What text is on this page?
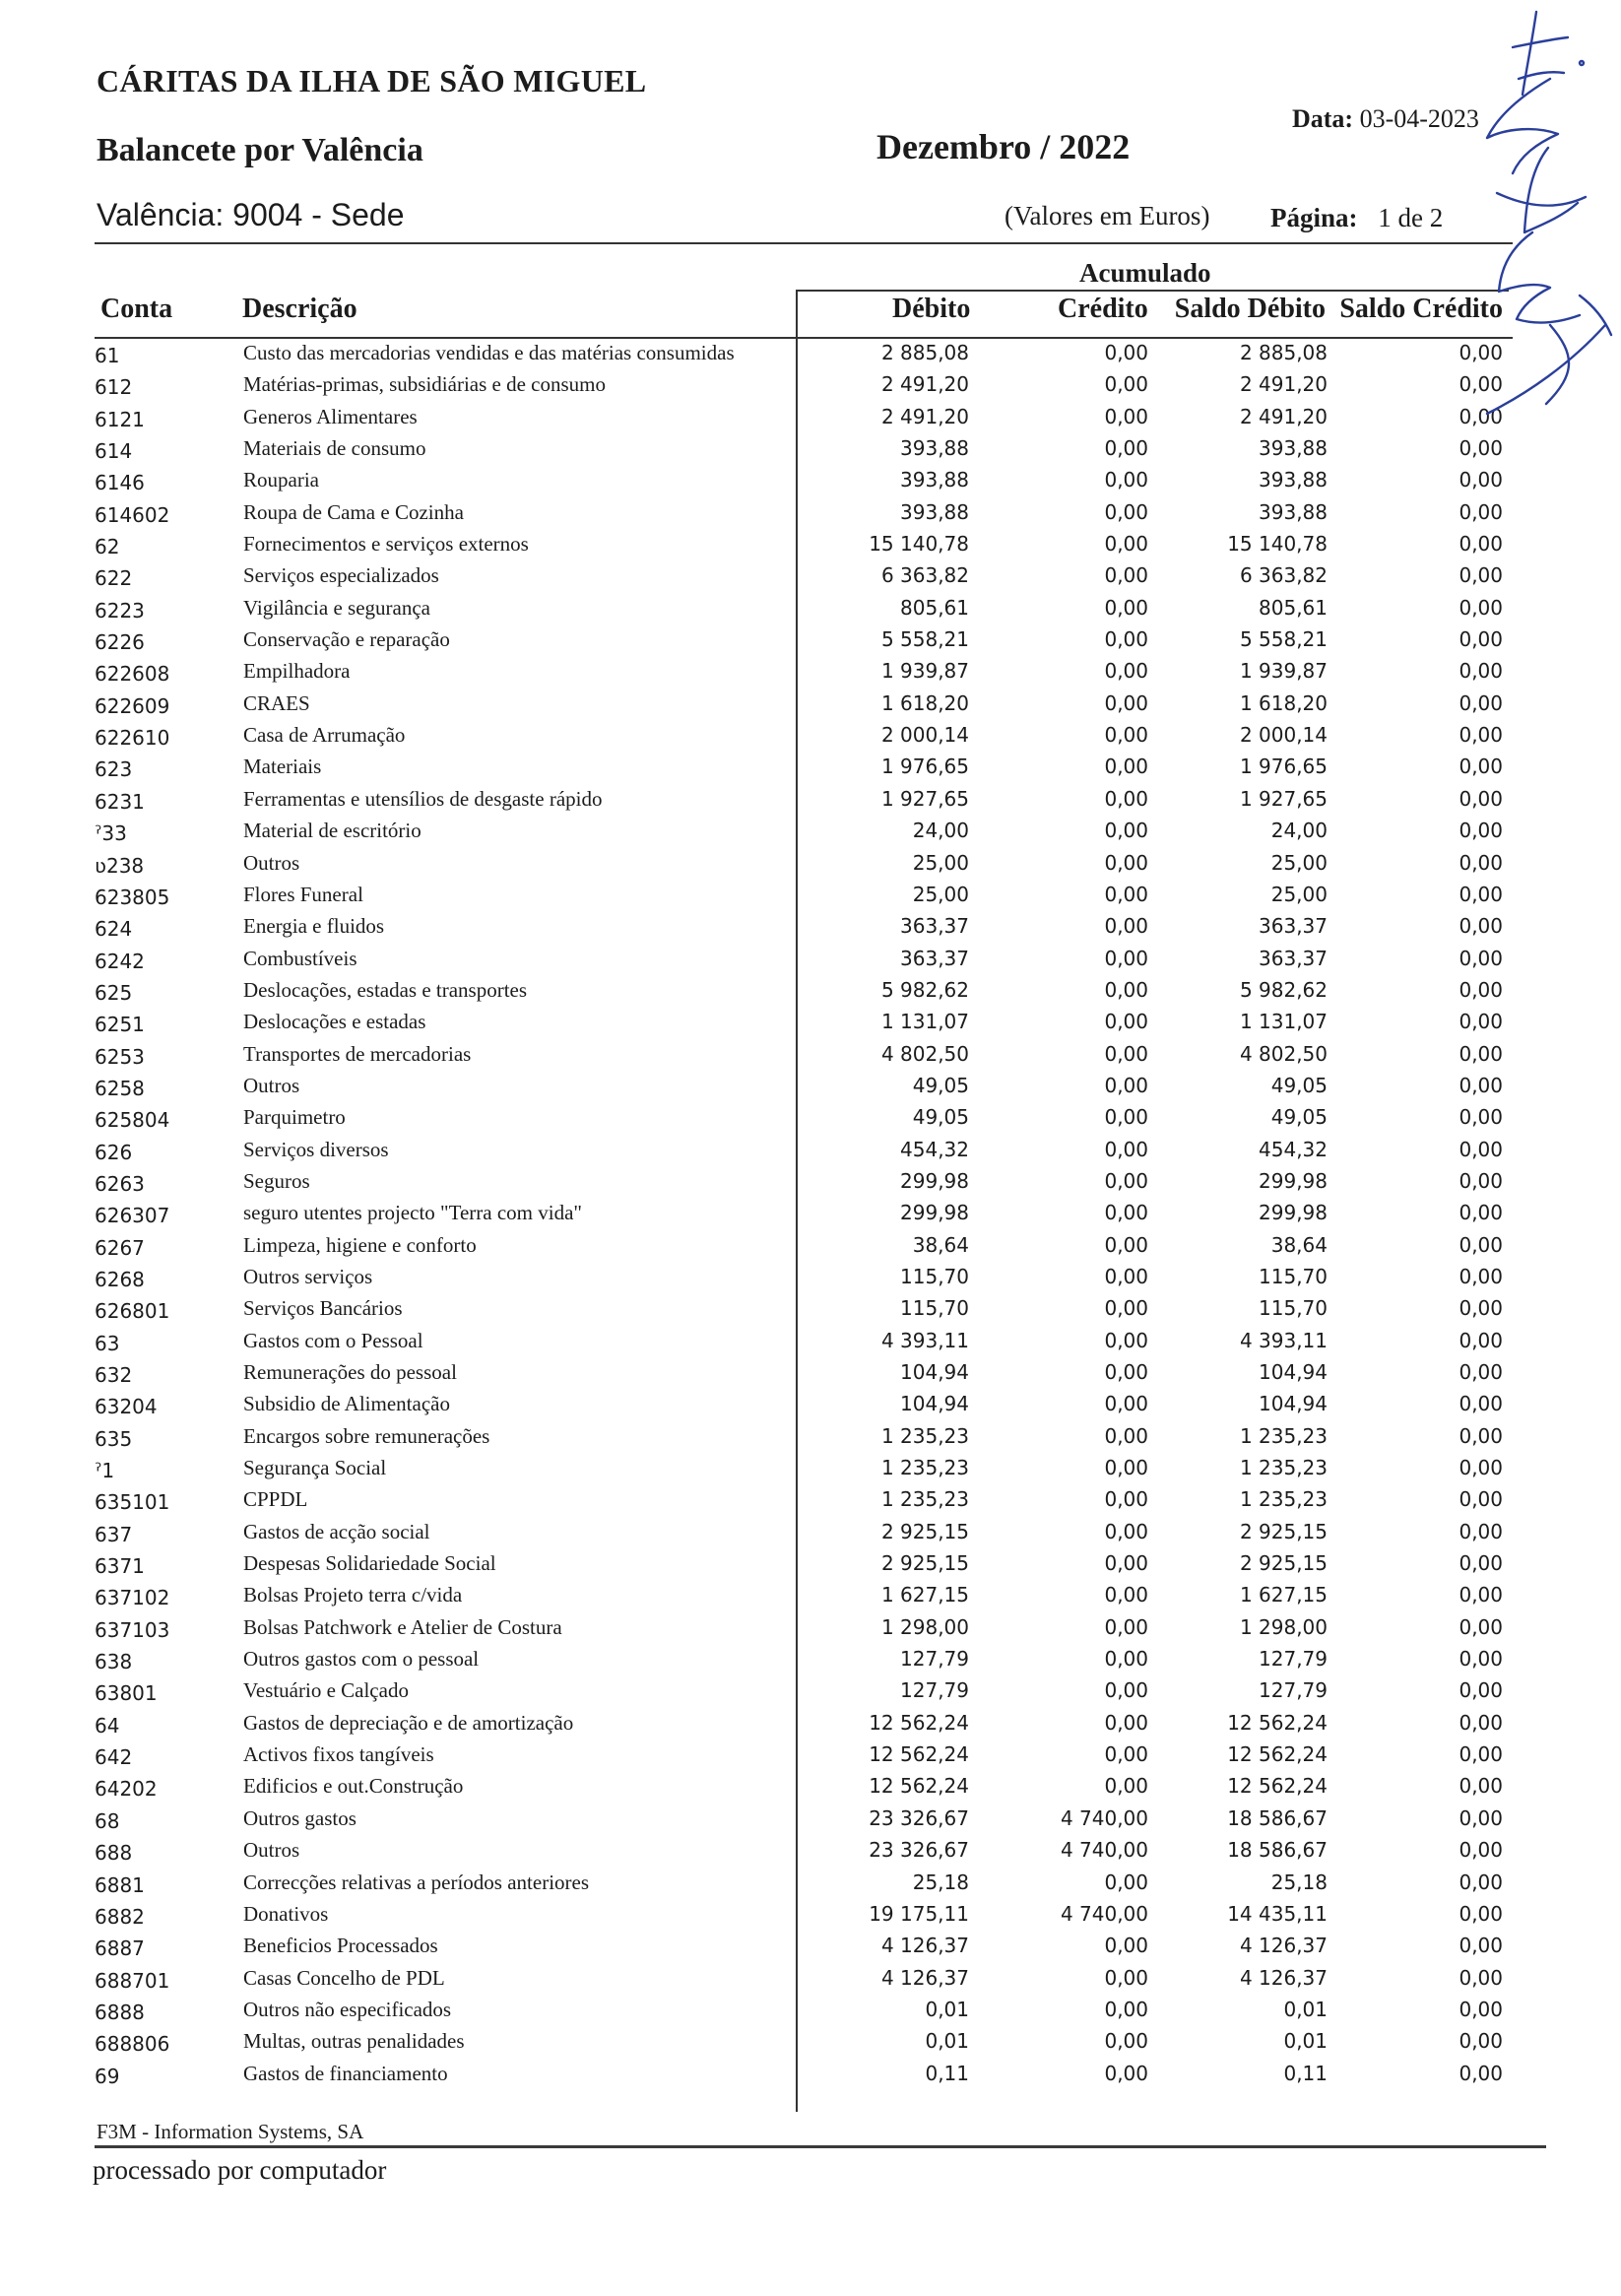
CÁRITAS DA ILHA DE SÃO MIGUEL
Balancete por Valência	Dezembro / 2022
Data: 03-04-2023
Valência: 9004 - Sede	(Valores em Euros) Página: 1 de 2
Acumulado
Conta	Descrição	Débito	Crédito Saldo Débito Saldo Crédito
61	Custo das mercadorias vendidas e das matérias consumidas	2 885,08	0,00	2 885,08	0,00
612	Matérias-primas, subsidiárias e de consumo	2 491,20	0,00	2 491,20	0,00
6121	Generos Alimentares	2 491,20	0,00	2 491,20	0,00
614	Materiais de consumo	393,88	0,00	393,88	0,00
6146	Rouparia	393,88	0,00	393,88	0,00
614602	Roupa de Cama e Cozinha	393,88	0,00	393,88	0,00
62	Fornecimentos e serviços externos	15 140,78	0,00	15 140,78	0,00
622	Serviços especializados	6 363,82	0,00	6 363,82	0,00
6223	Vigilância e segurança	805,61	0,00	805,61	0,00
6226	Conservação e reparação	5 558,21	0,00	5 558,21	0,00
622608	Empilhadora	1 939,87	0,00	1 939,87	0,00
622609	CRAES	1 618,20	0,00	1 618,20	0,00
622610	Casa de Arrumação	2 000,14	0,00	2 000,14	0,00
623	Materiais	1 976,65	0,00	1 976,65	0,00
6231	Ferramentas e utensílios de desgaste rápido	1 927,65	0,00	1 927,65	0,00
ˀ33	Material de escritório	24,00	0,00	24,00	0,00
ʋ238	Outros	25,00	0,00	25,00	0,00
623805	Flores Funeral	25,00	0,00	25,00	0,00
624	Energia e fluidos	363,37	0,00	363,37	0,00
6242	Combustíveis	363,37	0,00	363,37	0,00
625	Deslocações, estadas e transportes	5 982,62	0,00	5 982,62	0,00
6251	Deslocações e estadas	1 131,07	0,00	1 131,07	0,00
6253	Transportes de mercadorias	4 802,50	0,00	4 802,50	0,00
6258	Outros	49,05	0,00	49,05	0,00
625804	Parquimetro	49,05	0,00	49,05	0,00
626	Serviços diversos	454,32	0,00	454,32	0,00
6263	Seguros	299,98	0,00	299,98	0,00
626307	seguro utentes projecto "Terra com vida"	299,98	0,00	299,98	0,00
6267	Limpeza, higiene e conforto	38,64	0,00	38,64	0,00
6268	Outros serviços	115,70	0,00	115,70	0,00
626801	Serviços Bancários	115,70	0,00	115,70	0,00
63	Gastos com o Pessoal	4 393,11	0,00	4 393,11	0,00
632	Remunerações do pessoal	104,94	0,00	104,94	0,00
63204	Subsidio de Alimentação	104,94	0,00	104,94	0,00
635	Encargos sobre remunerações	1 235,23	0,00	1 235,23	0,00
ˀ1	Segurança Social	1 235,23	0,00	1 235,23	0,00
635101	CPPDL	1 235,23	0,00	1 235,23	0,00
637	Gastos de acção social	2 925,15	0,00	2 925,15	0,00
6371	Despesas Solidariedade Social	2 925,15	0,00	2 925,15	0,00
637102	Bolsas Projeto terra c/vida	1 627,15	0,00	1 627,15	0,00
637103	Bolsas Patchwork e Atelier de Costura	1 298,00	0,00	1 298,00	0,00
638	Outros gastos com o pessoal	127,79	0,00	127,79	0,00
63801	Vestuário e Calçado	127,79	0,00	127,79	0,00
64	Gastos de depreciação e de amortização	12 562,24	0,00	12 562,24	0,00
642	Activos fixos tangíveis	12 562,24	0,00	12 562,24	0,00
64202	Edificios e out.Construção	12 562,24	0,00	12 562,24	0,00
68	Outros gastos	23 326,67	4 740,00	18 586,67	0,00
688	Outros	23 326,67	4 740,00	18 586,67	0,00
6881	Correcções relativas a períodos anteriores	25,18	0,00	25,18	0,00
6882	Donativos	19 175,11	4 740,00	14 435,11	0,00
6887	Beneficios Processados	4 126,37	0,00	4 126,37	0,00
688701	Casas Concelho de PDL	4 126,37	0,00	4 126,37	0,00
6888	Outros não especificados	0,01	0,00	0,01	0,00
688806	Multas, outras penalidades	0,01	0,00	0,01	0,00
69	Gastos de financiamento	0,11	0,00	0,11	0,00
F3M - Information Systems, SA
processado por computador
